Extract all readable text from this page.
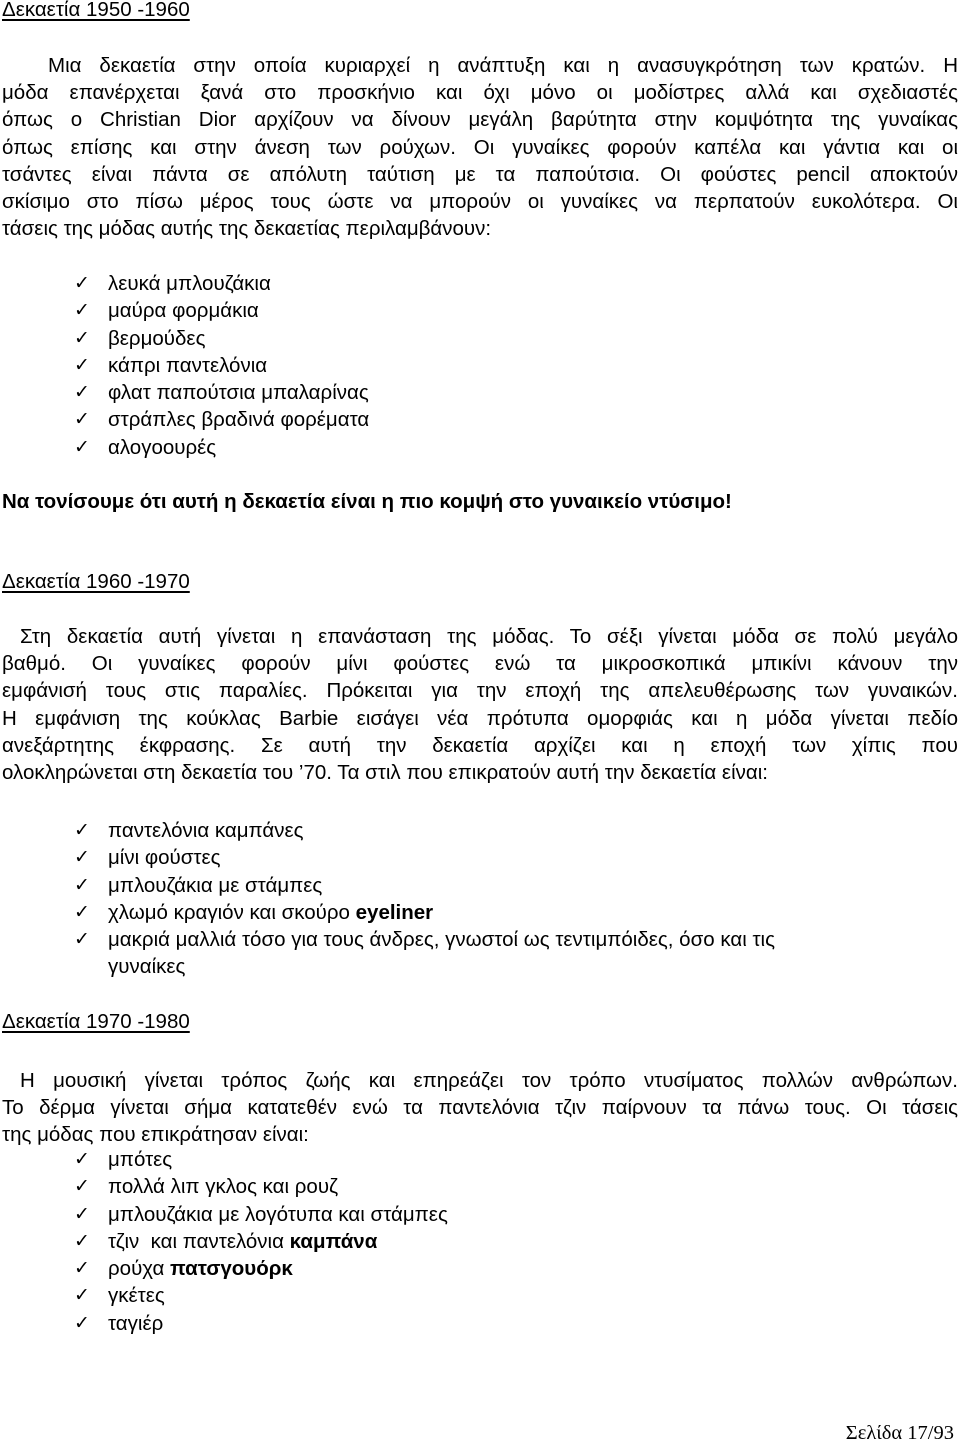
Δεκαετία 1950 -1960
Μια δεκαετία στην οποία κυριαρχεί η ανάπτυξη και η ανασυγκρότηση των κρατών. Η
μόδα επανέρχεται ξανά στο προσκήνιο και όχι μόνο οι μοδίστρες αλλά και σχεδιαστές
όπως ο Christian Dior αρχίζουν να δίνουν μεγάλη βαρύτητα στην κομψότητα της γυναίκας
όπως επίσης και στην άνεση των ρούχων. Οι γυναίκες φορούν καπέλα και γάντια και οι
τσάντες είναι πάντα σε απόλυτη ταύτιση με τα παπούτσια. Οι φούστες pencil αποκτούν
σκίσιμο στο πίσω μέρος τους ώστε να μπορούν οι γυναίκες να περπατούν ευκολότερα. Οι
τάσεις της μόδας αυτής της δεκαετίας περιλαμβάνουν:
✓ λευκά μπλουζάκια
✓ μαύρα φορμάκια
✓ βερμούδες
✓ κάπρι παντελόνια
✓ φλατ παπούτσια μπαλαρίνας
✓ στράπλες βραδινά φορέματα
✓ αλογοουρές
Να τονίσουμε ότι αυτή η δεκαετία είναι η πιο κομψή στο γυναικείο ντύσιμο!
Δεκαετία 1960 -1970
Στη δεκαετία αυτή γίνεται η επανάσταση της μόδας. Το σέξι γίνεται μόδα σε πολύ μεγάλο
βαθμό. Οι γυναίκες φορούν μίνι φούστες ενώ τα μικροσκοπικά μπικίνι κάνουν την
εμφάνισή τους στις παραλίες. Πρόκειται για την εποχή της απελευθέρωσης των γυναικών.
Η εμφάνιση της κούκλας Barbie εισάγει νέα πρότυπα ομορφιάς και η μόδα γίνεται πεδίο
ανεξάρτητης έκφρασης. Σε αυτή την δεκαετία αρχίζει και η εποχή των χίπις που
ολοκληρώνεται στη δεκαετία του ’70. Τα στιλ που επικρατούν αυτή την δεκαετία είναι:
✓ παντελόνια καμπάνες
✓ μίνι φούστες
✓ μπλουζάκια με στάμπες
✓ χλωμό κραγιόν και σκούρο eyeliner
✓ μακριά μαλλιά τόσο για τους άνδρες, γνωστοί ως τεντιμπόιδες, όσο και τις
γυναίκες
Δεκαετία 1970 -1980
Η μουσική γίνεται τρόπος ζωής και επηρεάζει τον τρόπο ντυσίματος πολλών ανθρώπων.
Το δέρμα γίνεται σήμα κατατεθέν ενώ τα παντελόνια τζιν παίρνουν τα πάνω τους. Οι τάσεις
της μόδας που επικράτησαν είναι:
✓ μπότες
✓ πολλά λιπ γκλος και ρουζ
✓ μπλουζάκια με λογότυπα και στάμπες
✓ τζιν  και παντελόνια καμπάνα
✓ ρούχα πατσγουόρκ
✓ γκέτες
✓ ταγιέρ
Σελίδα 17/93
